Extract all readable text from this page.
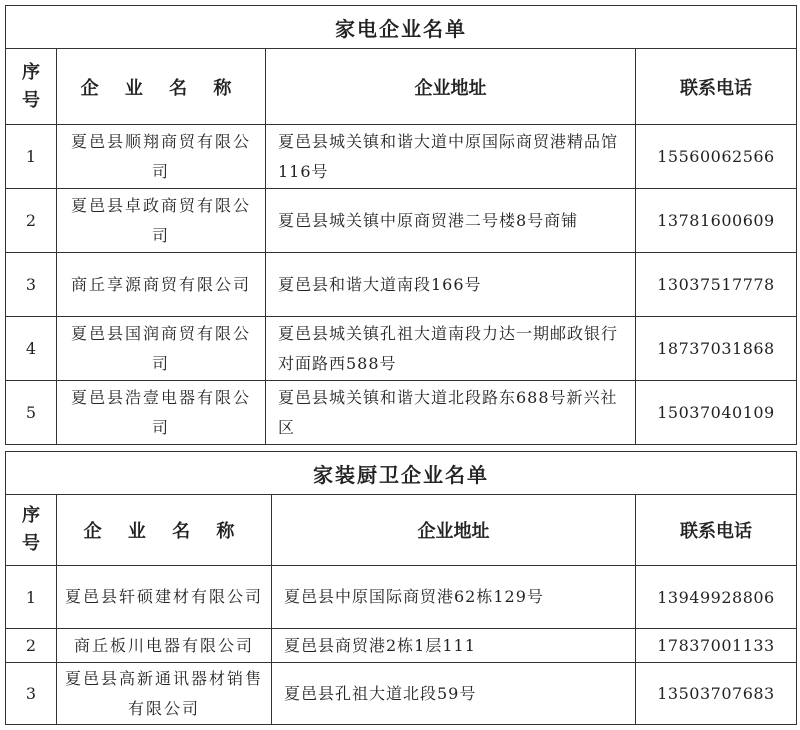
家电企业名单			
序
号	企 业 名 称	企业地址	联系电话
1	夏邑县顺翔商贸有限公司	夏邑县城关镇和谐大道中原国际商贸港精品馆116号	15560062566
2	夏邑县卓政商贸有限公司	夏邑县城关镇中原商贸港二号楼8号商铺	13781600609
3	商丘享源商贸有限公司	夏邑县和谐大道南段166号	13037517778
4	夏邑县国润商贸有限公司	夏邑县城关镇孔祖大道南段力达一期邮政银行对面路西588号	18737031868
5	夏邑县浩壹电器有限公司	夏邑县城关镇和谐大道北段路东688号新兴社区	15037040109
家装厨卫企业名单			
序
号	企 业 名 称	企业地址	联系电话
1	夏邑县轩硕建材有限公司	夏邑县中原国际商贸港62栋129号	13949928806
2	商丘板川电器有限公司	夏邑县商贸港2栋1层111	17837001133
3	夏邑县高新通讯器材销售有限公司	夏邑县孔祖大道北段59号	13503707683
